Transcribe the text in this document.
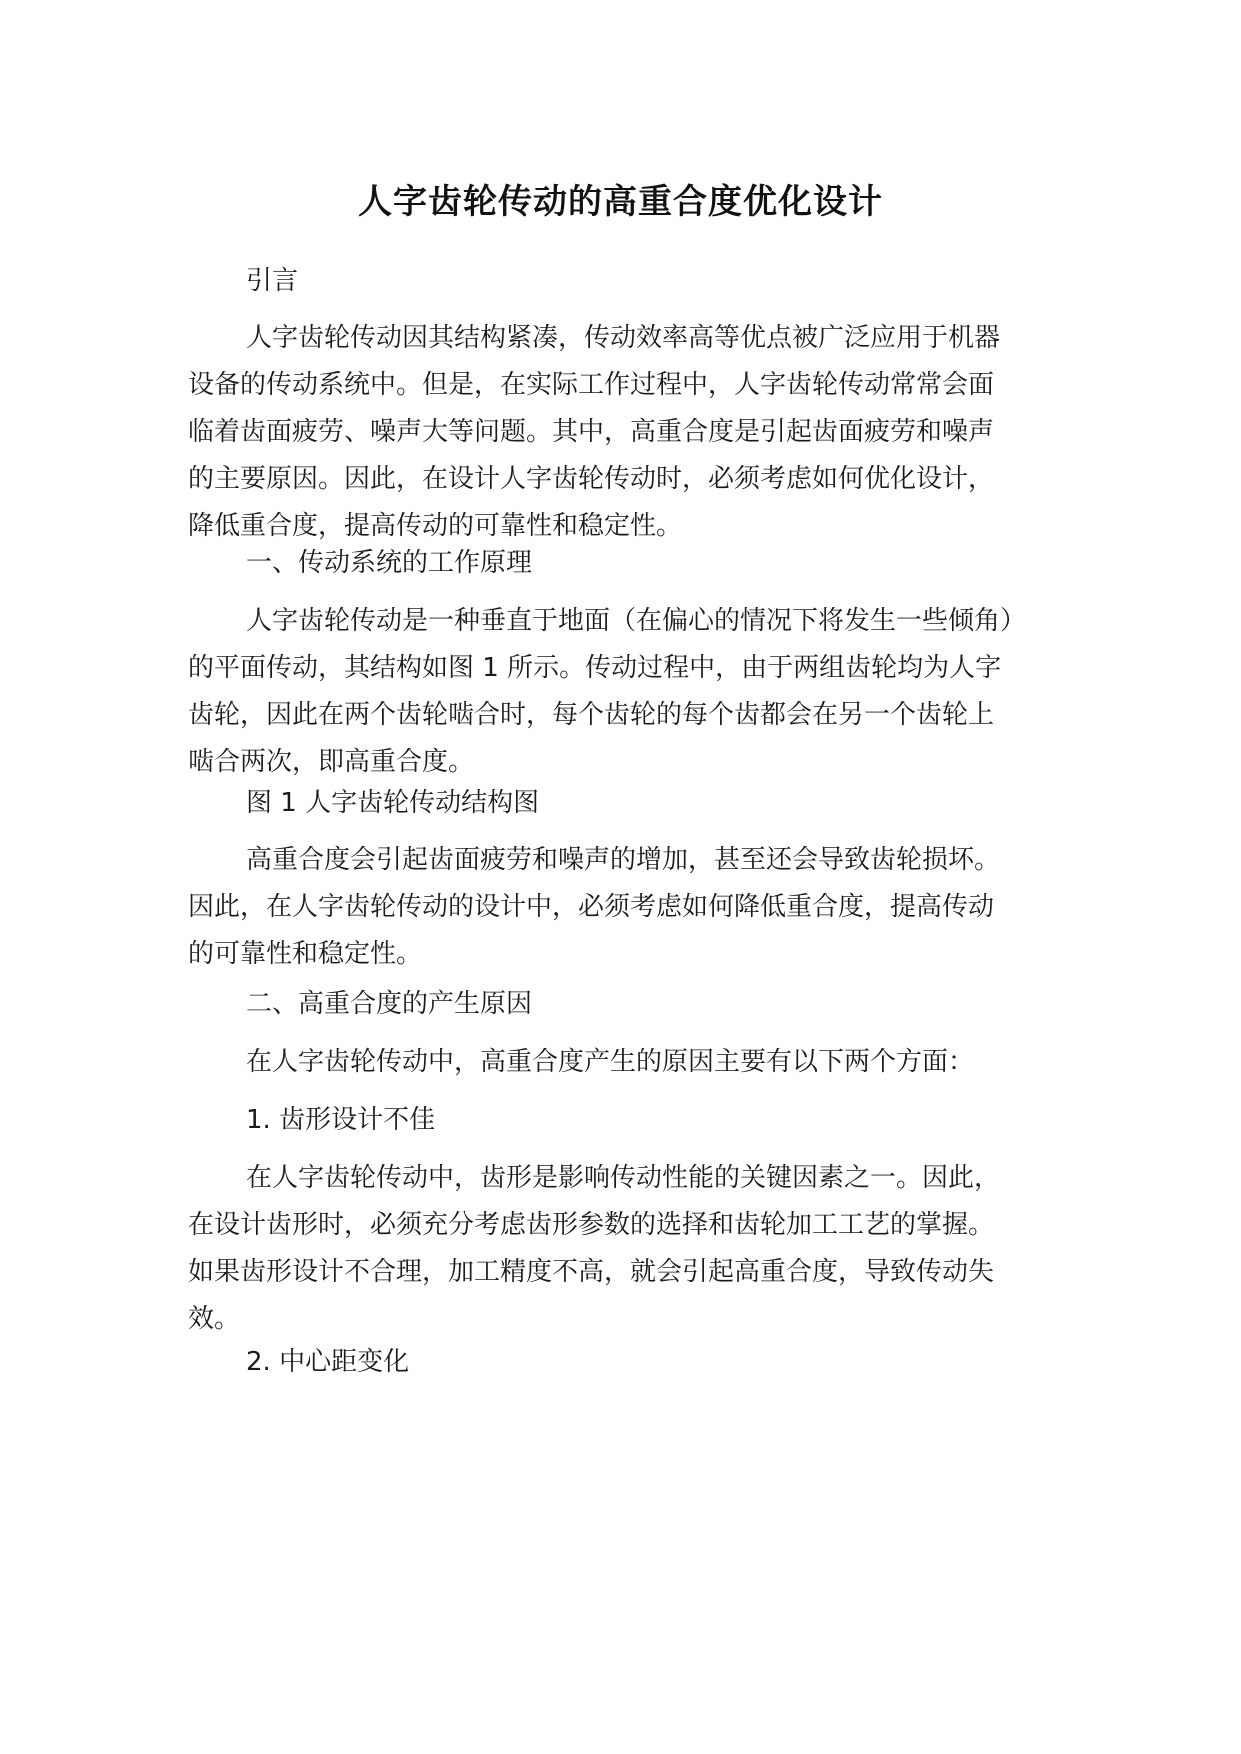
人字齿轮传动的高重合度优化设计
引言
人字齿轮传动因其结构紧凑，传动效率高等优点被广泛应用于机器
设备的传动系统中。但是，在实际工作过程中，人字齿轮传动常常会面
临着齿面疲劳、噪声大等问题。其中，高重合度是引起齿面疲劳和噪声
的主要原因。因此，在设计人字齿轮传动时，必须考虑如何优化设计，
降低重合度，提高传动的可靠性和稳定性。
一、传动系统的工作原理
人字齿轮传动是一种垂直于地面（在偏心的情况下将发生一些倾角）
的平面传动，其结构如图 1 所示。传动过程中，由于两组齿轮均为人字
齿轮，因此在两个齿轮啮合时，每个齿轮的每个齿都会在另一个齿轮上
啮合两次，即高重合度。
图 1 人字齿轮传动结构图
高重合度会引起齿面疲劳和噪声的增加，甚至还会导致齿轮损坏。
因此，在人字齿轮传动的设计中，必须考虑如何降低重合度，提高传动
的可靠性和稳定性。
二、高重合度的产生原因
在人字齿轮传动中，高重合度产生的原因主要有以下两个方面：
1. 齿形设计不佳
在人字齿轮传动中，齿形是影响传动性能的关键因素之一。因此，
在设计齿形时，必须充分考虑齿形参数的选择和齿轮加工工艺的掌握。
如果齿形设计不合理，加工精度不高，就会引起高重合度，导致传动失
效。
2. 中心距变化
